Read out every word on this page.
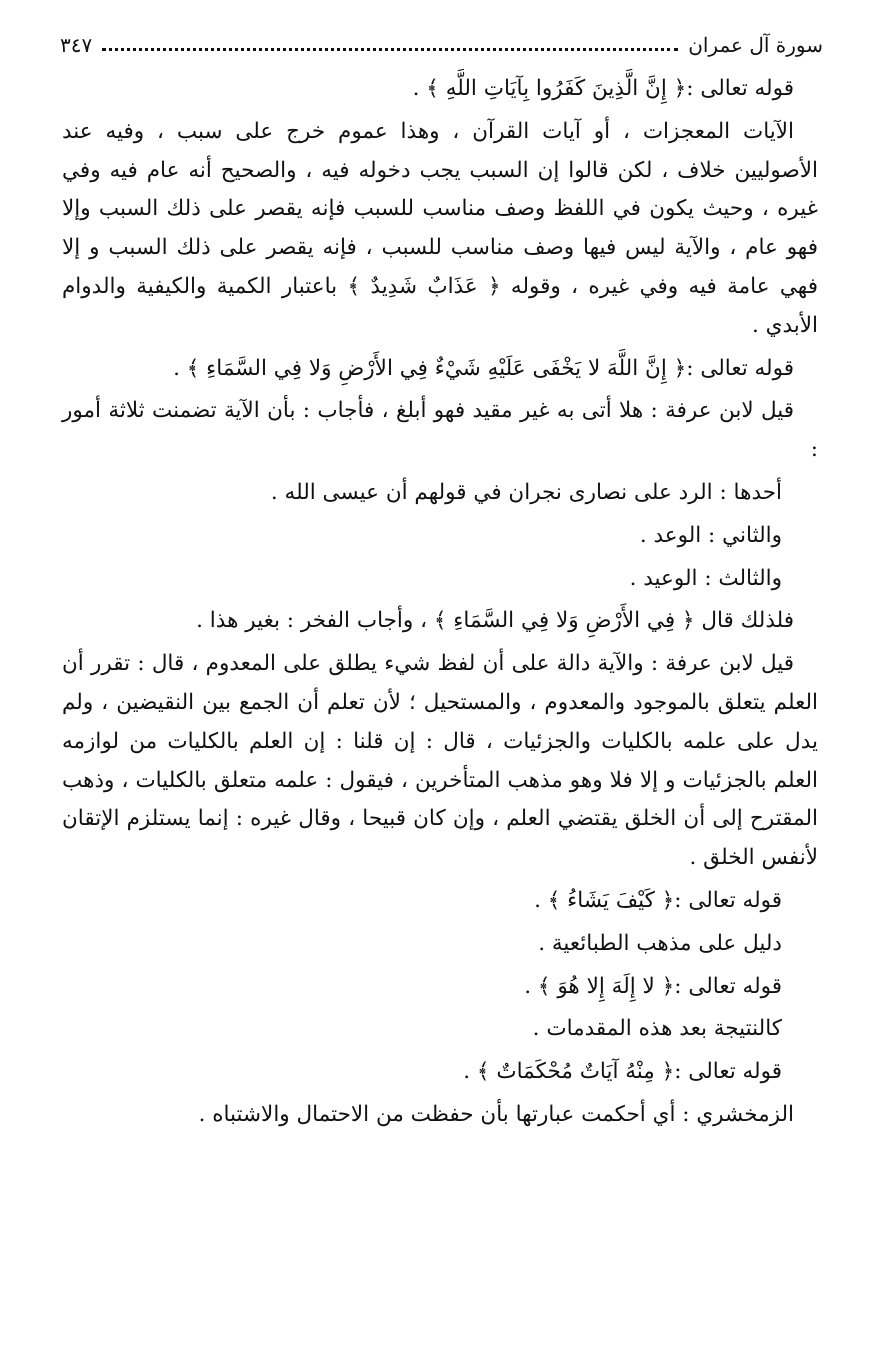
سورة آل عمران
٣٤٧

قوله تعالى :﴿ إِنَّ الَّذِينَ كَفَرُوا بِآيَاتِ اللَّهِ ﴾ .

الآيات المعجزات ، أو آيات القرآن ، وهذا عموم خرج على سبب ، وفيه عند الأصوليين خلاف ، لكن قالوا إن السبب يجب دخوله فيه ، والصحيح أنه عام فيه وفي غيره ، وحيث يكون في اللفظ وصف مناسب للسبب فإنه يقصر على ذلك السبب وإلا فهو عام ، والآية ليس فيها وصف مناسب للسبب ، فإنه يقصر على ذلك السبب و إلا فهي عامة فيه وفي غيره ، وقوله ﴿ عَذَابٌ شَدِيدٌ ﴾ باعتبار الكمية والكيفية والدوام الأبدي .

قوله تعالى :﴿ إِنَّ اللَّهَ لا يَخْفَى عَلَيْهِ شَيْءٌ فِي الأَرْضِ وَلا فِي السَّمَاءِ ﴾ .

قيل لابن عرفة : هلا أتى به غير مقيد فهو أبلغ ، فأجاب : بأن الآية تضمنت ثلاثة أمور :

أحدها : الرد على نصارى نجران في قولهم أن عيسى الله .

والثاني : الوعد .

والثالث : الوعيد .

فلذلك قال ﴿ فِي الأَرْضِ وَلا فِي السَّمَاءِ ﴾ ، وأجاب الفخر : بغير هذا .

قيل لابن عرفة : والآية دالة على أن لفظ شيء يطلق على المعدوم ، قال : تقرر أن العلم يتعلق بالموجود والمعدوم ، والمستحيل ؛ لأن تعلم أن الجمع بين النقيضين ، ولم يدل على علمه بالكليات والجزئيات ، قال : إن قلنا : إن العلم بالكليات من لوازمه العلم بالجزئيات و إلا فلا وهو مذهب المتأخرين ، فيقول : علمه متعلق بالكليات ، وذهب المقترح إلى أن الخلق يقتضي العلم ، وإن كان قبيحا ، وقال غيره : إنما يستلزم الإتقان لأنفس الخلق .

قوله تعالى :﴿ كَيْفَ يَشَاءُ ﴾ .

دليل على مذهب الطبائعية .

قوله تعالى :﴿ لا إِلَهَ إِلا هُوَ ﴾ .

كالنتيجة بعد هذه المقدمات .

قوله تعالى :﴿ مِنْهُ آيَاتٌ مُحْكَمَاتٌ ﴾ .

الزمخشري : أي أحكمت عبارتها بأن حفظت من الاحتمال والاشتباه .
